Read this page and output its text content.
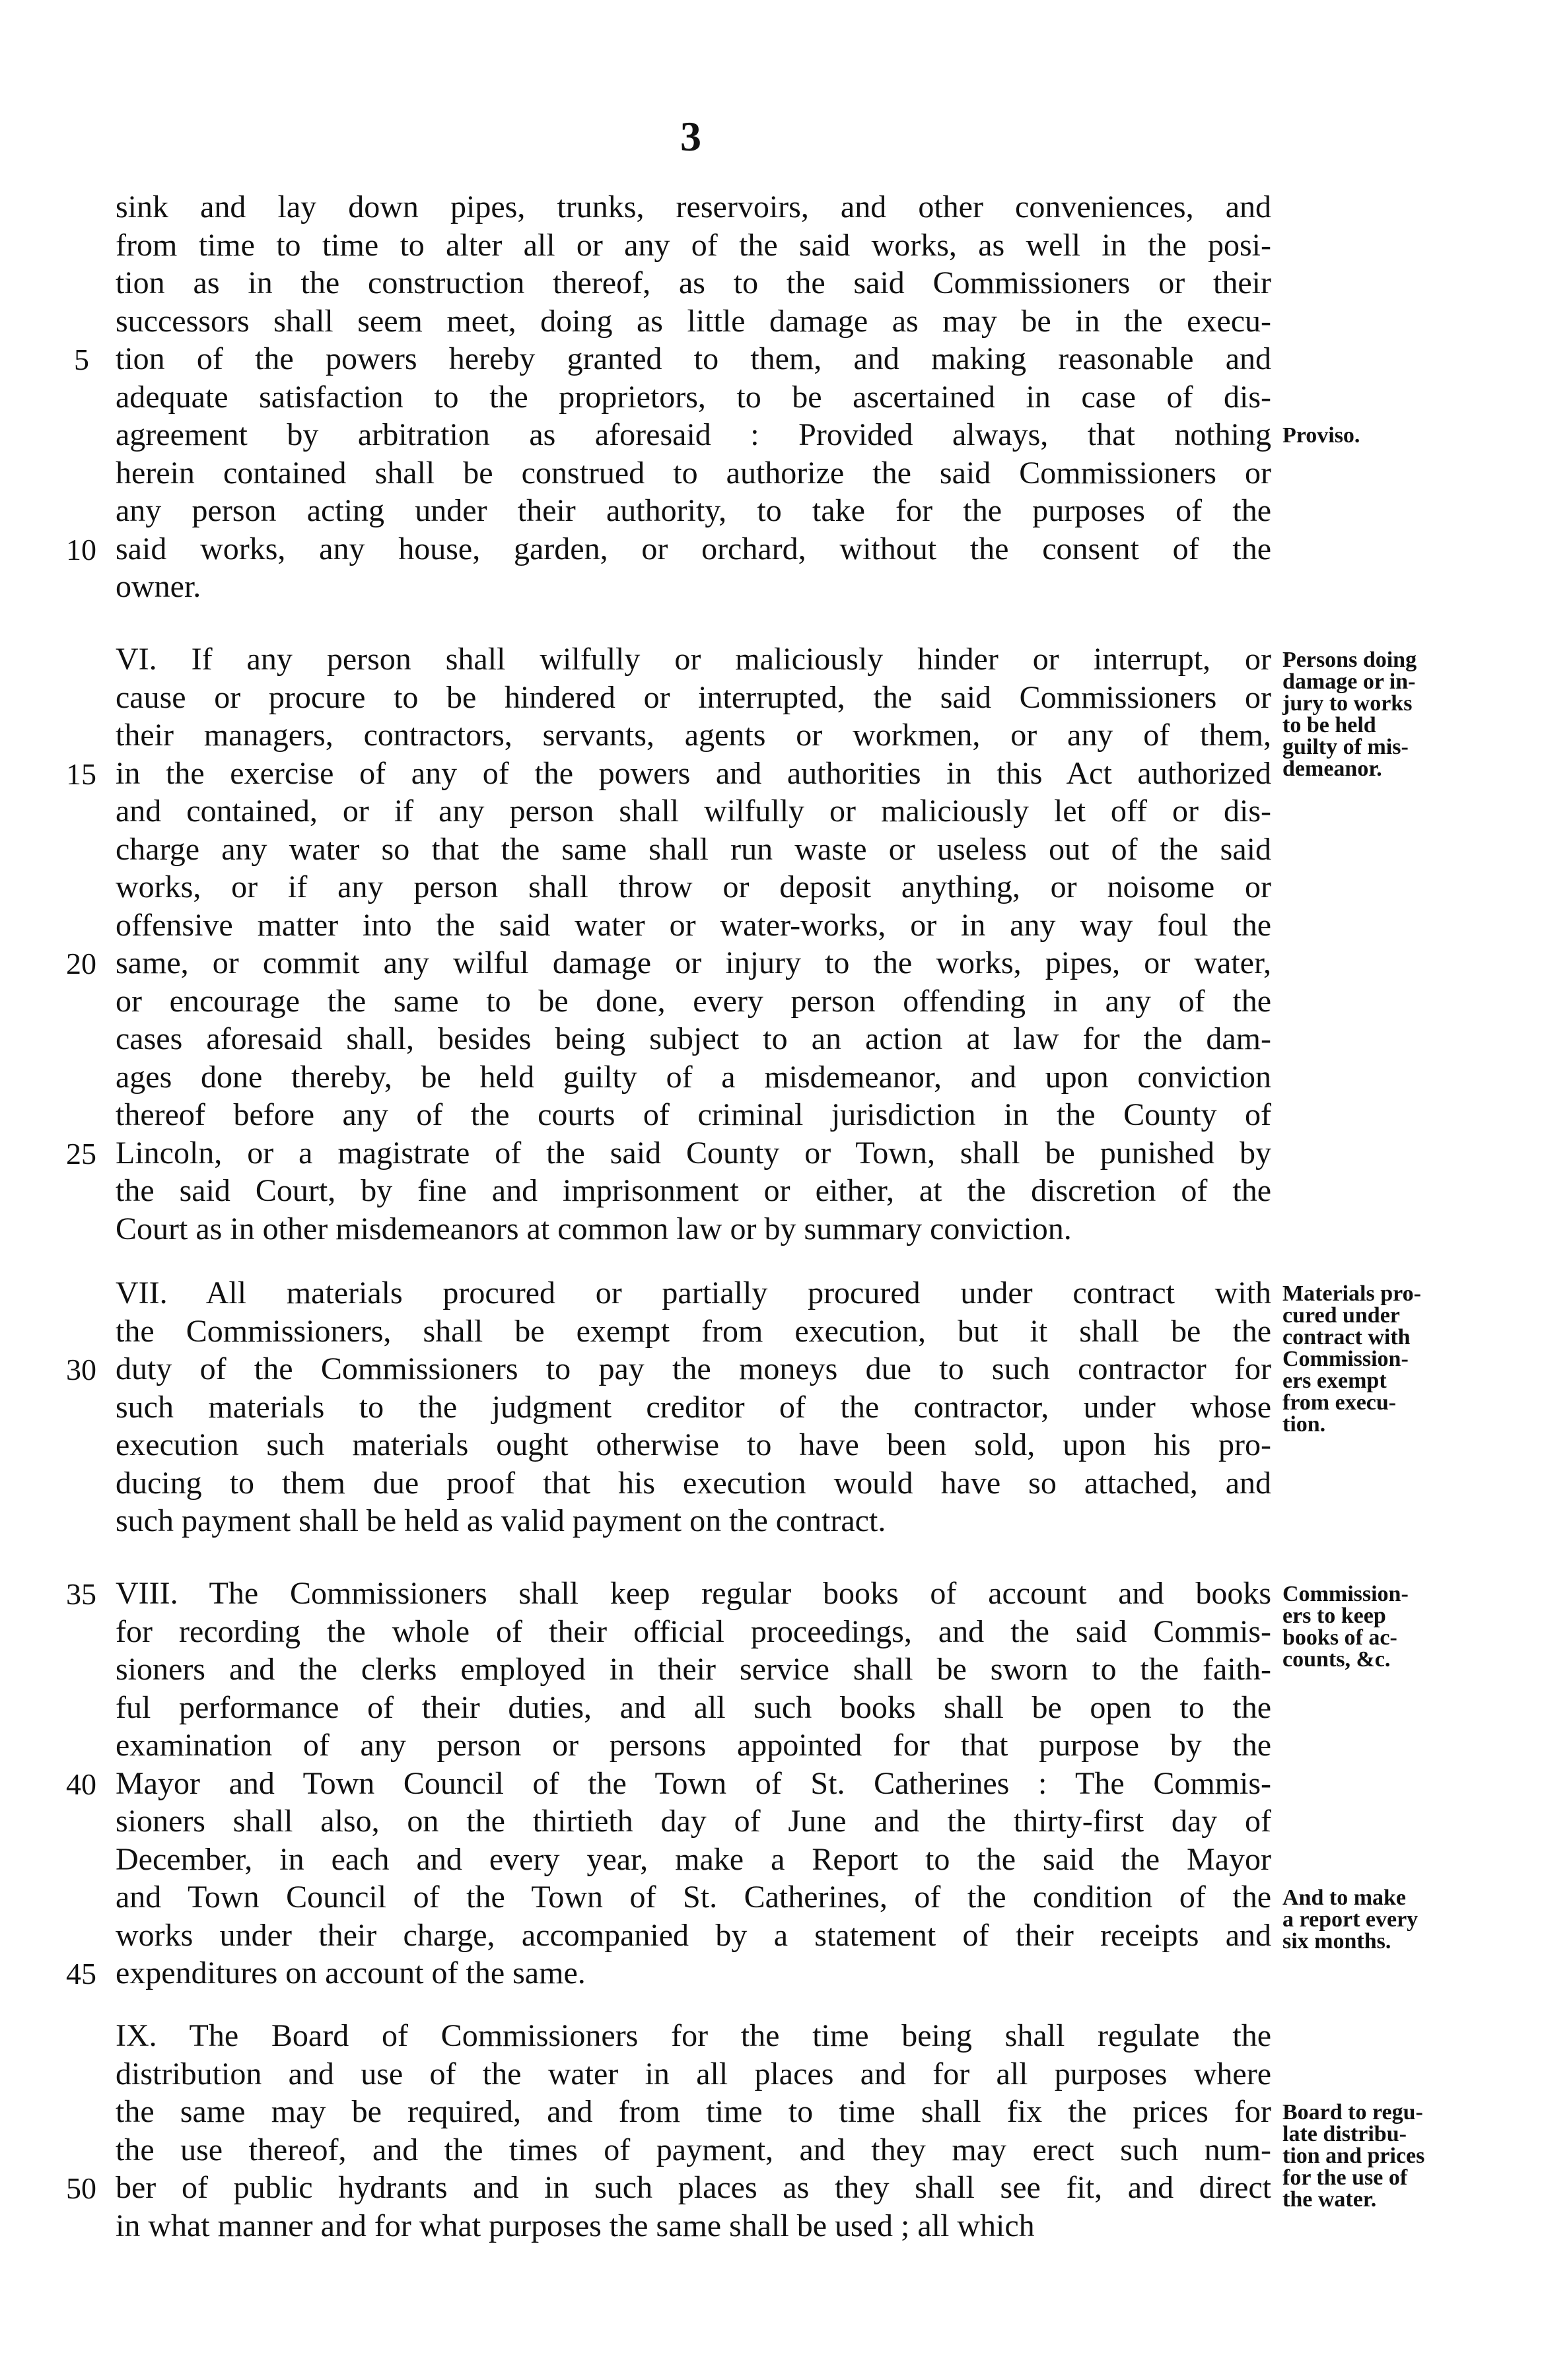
3
sink and lay down pipes, trunks, reservoirs, and other conveniences, and
from time to time to alter all or any of the said works, as well in the posi-
tion as in the construction thereof, as to the said Commissioners or their
successors shall seem meet, doing as little damage as may be in the execu-
tion of the powers hereby granted to them, and making reasonable and
adequate satisfaction to the proprietors, to be ascertained in case of dis-
agreement by arbitration as aforesaid : Provided always, that nothing
herein contained shall be construed to authorize the said Commissioners or
any person acting under their authority, to take for the purposes of the
said works, any house, garden, or orchard, without the consent of the
owner.
5
10
Proviso.
VI. If any person shall wilfully or maliciously hinder or interrupt, or
cause or procure to be hindered or interrupted, the said Commissioners or
their managers, contractors, servants, agents or workmen, or any of them,
in the exercise of any of the powers and authorities in this Act authorized
and contained, or if any person shall wilfully or maliciously let off or dis-
charge any water so that the same shall run waste or useless out of the said
works, or if any person shall throw or deposit anything, or noisome or
offensive matter into the said water or water-works, or in any way foul the
same, or commit any wilful damage or injury to the works, pipes, or water,
or encourage the same to be done, every person offending in any of the
cases aforesaid shall, besides being subject to an action at law for the dam-
ages done thereby, be held guilty of a misdemeanor, and upon conviction
thereof before any of the courts of criminal jurisdiction in the County of
Lincoln, or a magistrate of the said County or Town, shall be punished by
the said Court, by fine and imprisonment or either, at the discretion of the
Court as in other misdemeanors at common law or by summary conviction.
15
20
25
Persons doing
damage or in-
jury to works
to be held
guilty of mis-
demeanor.
VII. All materials procured or partially procured under contract with
the Commissioners, shall be exempt from execution, but it shall be the
duty of the Commissioners to pay the moneys due to such contractor for
such materials to the judgment creditor of the contractor, under whose
execution such materials ought otherwise to have been sold, upon his pro-
ducing to them due proof that his execution would have so attached, and
such payment shall be held as valid payment on the contract.
30
Materials pro-
cured under
contract with
Commission-
ers exempt
from execu-
tion.
VIII. The Commissioners shall keep regular books of account and books
for recording the whole of their official proceedings, and the said Commis-
sioners and the clerks employed in their service shall be sworn to the faith-
ful performance of their duties, and all such books shall be open to the
examination of any person or persons appointed for that purpose by the
Mayor and Town Council of the Town of St. Catherines : The Commis-
sioners shall also, on the thirtieth day of June and the thirty-first day of
December, in each and every year, make a Report to the said the Mayor
and Town Council of the Town of St. Catherines, of the condition of the
works under their charge, accompanied by a statement of their receipts and
expenditures on account of the same.
35
40
45
Commission-
ers to keep
books of ac-
counts, &c.
And to make
a report every
six months.
IX. The Board of Commissioners for the time being shall regulate the
distribution and use of the water in all places and for all purposes where
the same may be required, and from time to time shall fix the prices for
the use thereof, and the times of payment, and they may erect such num-
ber of public hydrants and in such places as they shall see fit, and direct
in what manner and for what purposes the same shall be used ; all which
50
Board to regu-
late distribu-
tion and prices
for the use of
the water.
